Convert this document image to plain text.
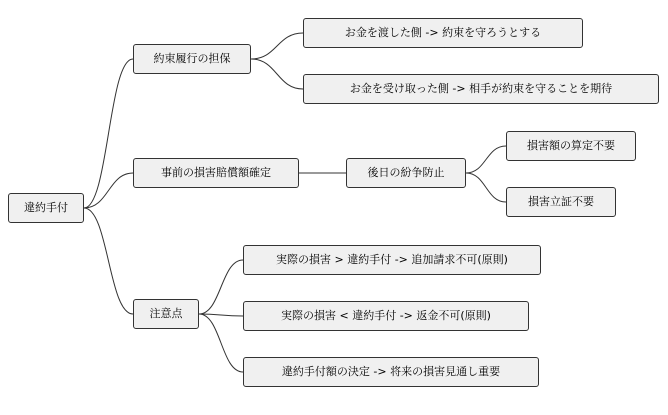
違約手付
約束履行の担保
お金を渡した側 -> 約束を守ろうとする
お金を受け取った側 -> 相手が約束を守ることを期待
事前の損害賠償額確定	後日の紛争防止
損害額の算定不要
損害立証不要
注意点
実際の損害 > 違約手付 -> 追加請求不可(原則)
実際の損害 < 違約手付 -> 返金不可(原則)
違約手付額の決定 -> 将来の損害見通し重要
